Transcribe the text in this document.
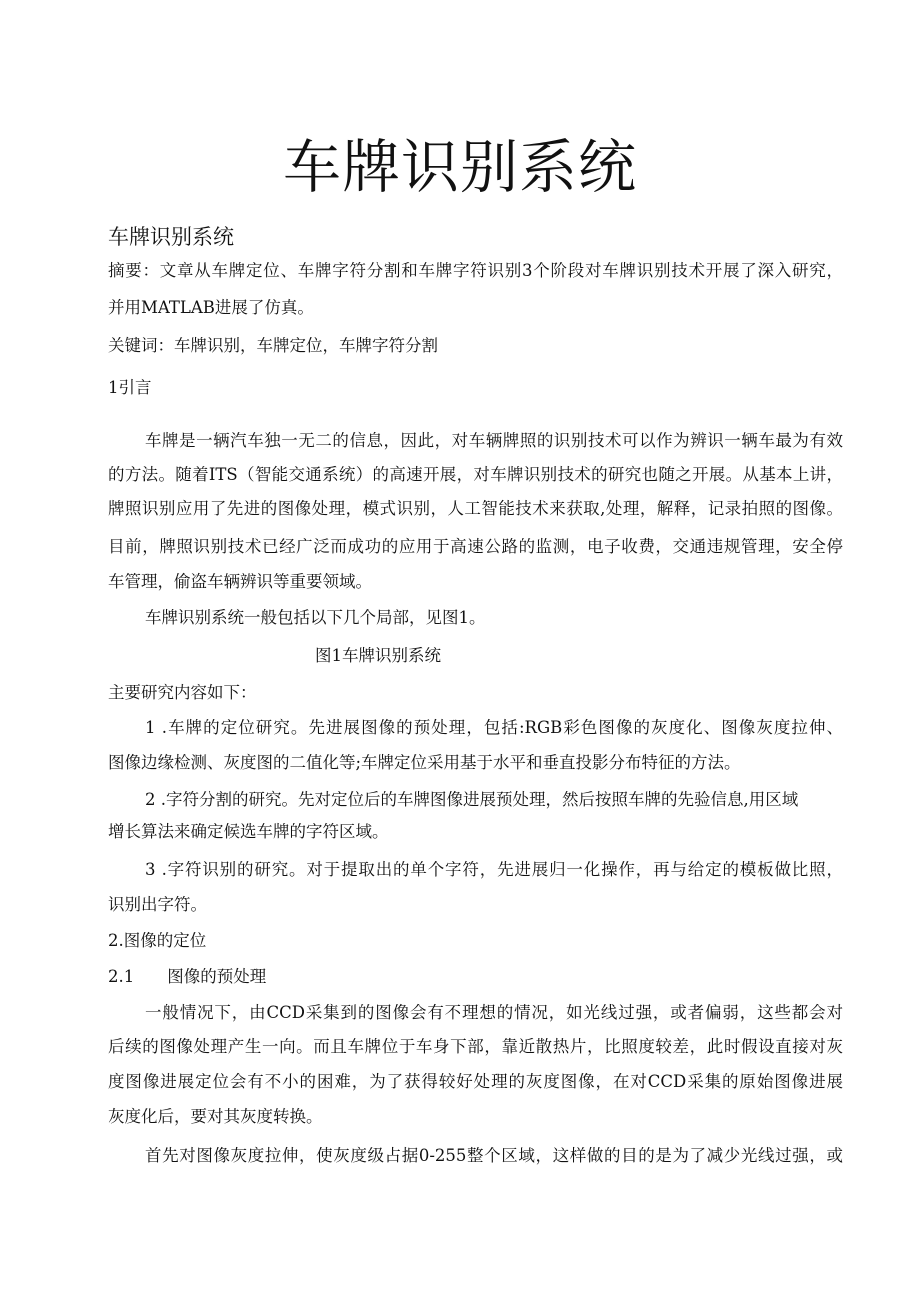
车牌识别系统
车牌识别系统

摘要：文章从车牌定位、车牌字符分割和车牌字符识别3个阶段对车牌识别技术开展了深入研究，

并用MATLAB进展了仿真。

关键词：车牌识别，车牌定位，车牌字符分割

1引言

车牌是一辆汽车独一无二的信息，因此，对车辆牌照的识别技术可以作为辨识一辆车最为有效

的方法。随着ITS（智能交通系统）的高速开展，对车牌识别技术的研究也随之开展。从基本上讲，

牌照识别应用了先进的图像处理，模式识别，人工智能技术来获取,处理，解释，记录拍照的图像。

目前，牌照识别技术已经广泛而成功的应用于高速公路的监测，电子收费，交通违规管理，安全停

车管理，偷盗车辆辨识等重要领域。

车牌识别系统一般包括以下几个局部，见图1。

图1车牌识别系统

主要研究内容如下：

1 .车牌的定位研究。先进展图像的预处理，包括:RGB彩色图像的灰度化、图像灰度拉伸、

图像边缘检测、灰度图的二值化等;车牌定位采用基于水平和垂直投影分布特征的方法。

2 .字符分割的研究。先对定位后的车牌图像进展预处理，然后按照车牌的先验信息,用区域

增长算法来确定候选车牌的字符区域。

3 .字符识别的研究。对于提取出的单个字符，先进展归一化操作，再与给定的模板做比照，

识别出字符。

2.图像的定位

2.1　　图像的预处理

一般情况下，由CCD采集到的图像会有不理想的情况，如光线过强，或者偏弱，这些都会对

后续的图像处理产生一向。而且车牌位于车身下部，靠近散热片，比照度较差，此时假设直接对灰

度图像进展定位会有不小的困难，为了获得较好处理的灰度图像，在对CCD采集的原始图像进展

灰度化后，要对其灰度转换。

首先对图像灰度拉伸，使灰度级占据0-255整个区域，这样做的目的是为了减少光线过强，或
